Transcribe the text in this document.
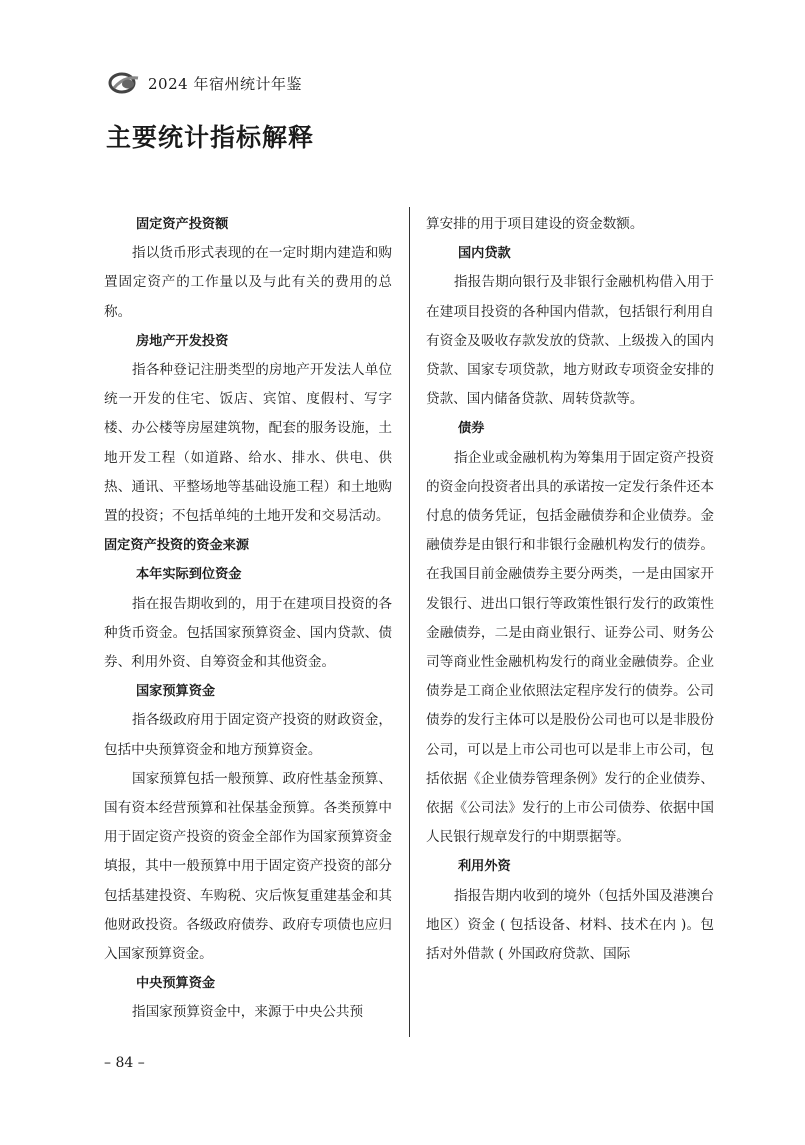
2024 年宿州统计年鉴
主要统计指标解释

固定资产投资额

指以货币形式表现的在一定时期内建造和购置固定资产的工作量以及与此有关的费用的总称。

房地产开发投资

指各种登记注册类型的房地产开发法人单位统一开发的住宅、饭店、宾馆、度假村、写字楼、办公楼等房屋建筑物，配套的服务设施，土地开发工程（如道路、给水、排水、供电、供热、通讯、平整场地等基础设施工程）和土地购置的投资；不包括单纯的土地开发和交易活动。

固定资产投资的资金来源

本年实际到位资金

指在报告期收到的，用于在建项目投资的各种货币资金。包括国家预算资金、国内贷款、债券、利用外资、自筹资金和其他资金。

国家预算资金

指各级政府用于固定资产投资的财政资金，包括中央预算资金和地方预算资金。

国家预算包括一般预算、政府性基金预算、国有资本经营预算和社保基金预算。各类预算中用于固定资产投资的资金全部作为国家预算资金填报，其中一般预算中用于固定资产投资的部分包括基建投资、车购税、灾后恢复重建基金和其他财政投资。各级政府债券、政府专项债也应归入国家预算资金。

中央预算资金

指国家预算资金中，来源于中央公共预

算安排的用于项目建设的资金数额。

国内贷款

指报告期向银行及非银行金融机构借入用于在建项目投资的各种国内借款，包括银行利用自有资金及吸收存款发放的贷款、上级拨入的国内贷款、国家专项贷款，地方财政专项资金安排的贷款、国内储备贷款、周转贷款等。

债券

指企业或金融机构为筹集用于固定资产投资的资金向投资者出具的承诺按一定发行条件还本付息的债务凭证，包括金融债券和企业债券。金融债券是由银行和非银行金融机构发行的债券。在我国目前金融债券主要分两类，一是由国家开发银行、进出口银行等政策性银行发行的政策性金融债券，二是由商业银行、证券公司、财务公司等商业性金融机构发行的商业金融债券。企业债券是工商企业依照法定程序发行的债券。公司债券的发行主体可以是股份公司也可以是非股份公司，可以是上市公司也可以是非上市公司，包括依据《企业债券管理条例》发行的企业债券、依据《公司法》发行的上市公司债券、依据中国人民银行规章发行的中期票据等。

利用外资

指报告期内收到的境外（包括外国及港澳台地区）资金 ( 包括设备、材料、技术在内 )。包括对外借款 ( 外国政府贷款、国际

– 84 –
